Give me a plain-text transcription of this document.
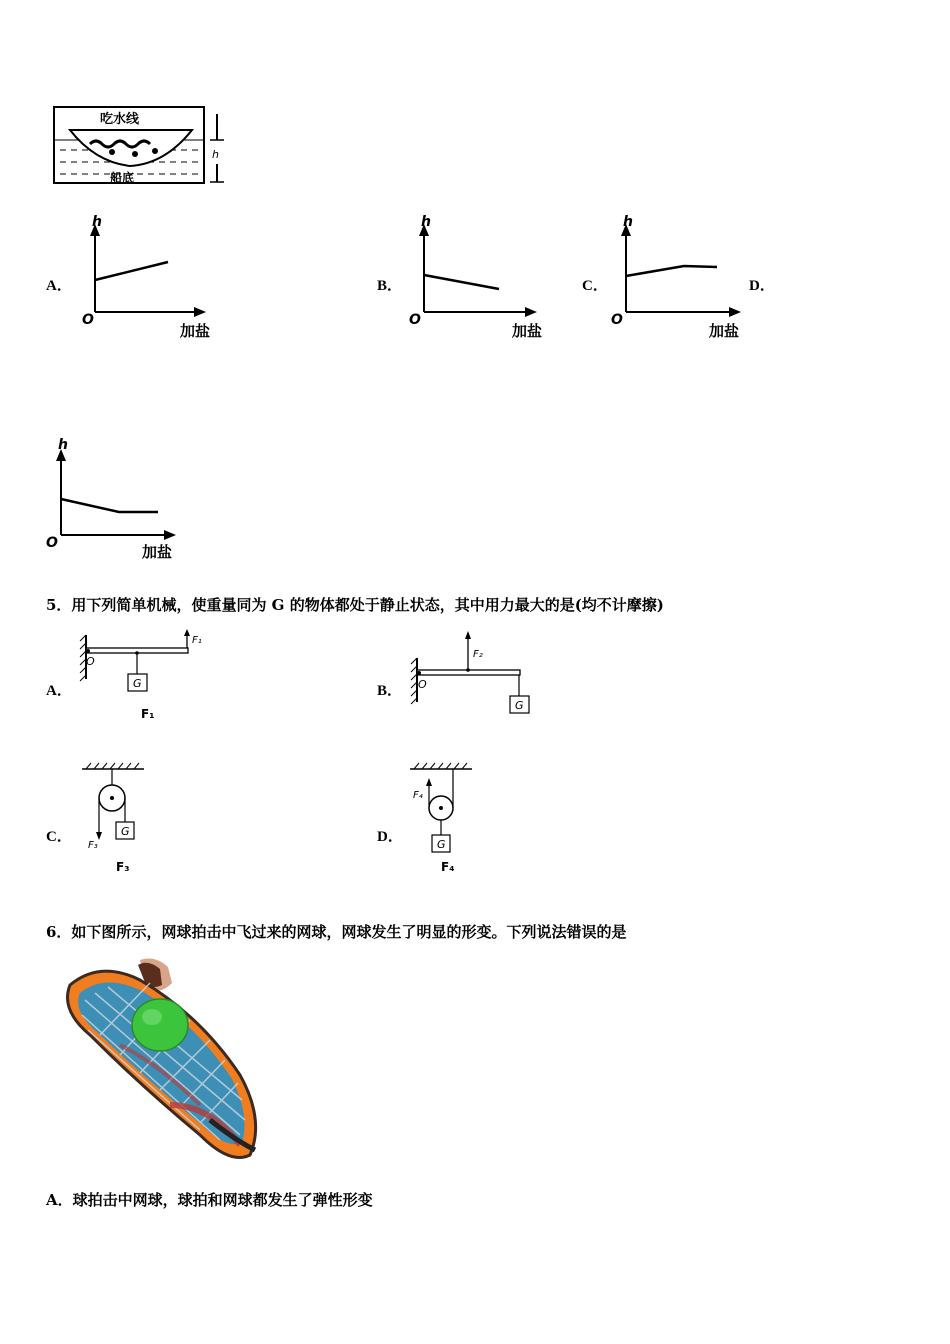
吃水线
船底
h
A．
h
O
加盐
B．
h
O
加盐
C．
h
O
加盐
D．
h
O	加盐
5．用下列简单机械，使重量同为 G 的物体都处于静止状态，其中用力最大的是(均不计摩擦)
A．
O
F₁
G
F₁
B． O
F₂
G
C．
F₃
G
F₃
D．
F₄
G
F₄
6．如下图所示，网球拍击中飞过来的网球，网球发生了明显的形变。下列说法错误的是
A．球拍击中网球，球拍和网球都发生了弹性形变
